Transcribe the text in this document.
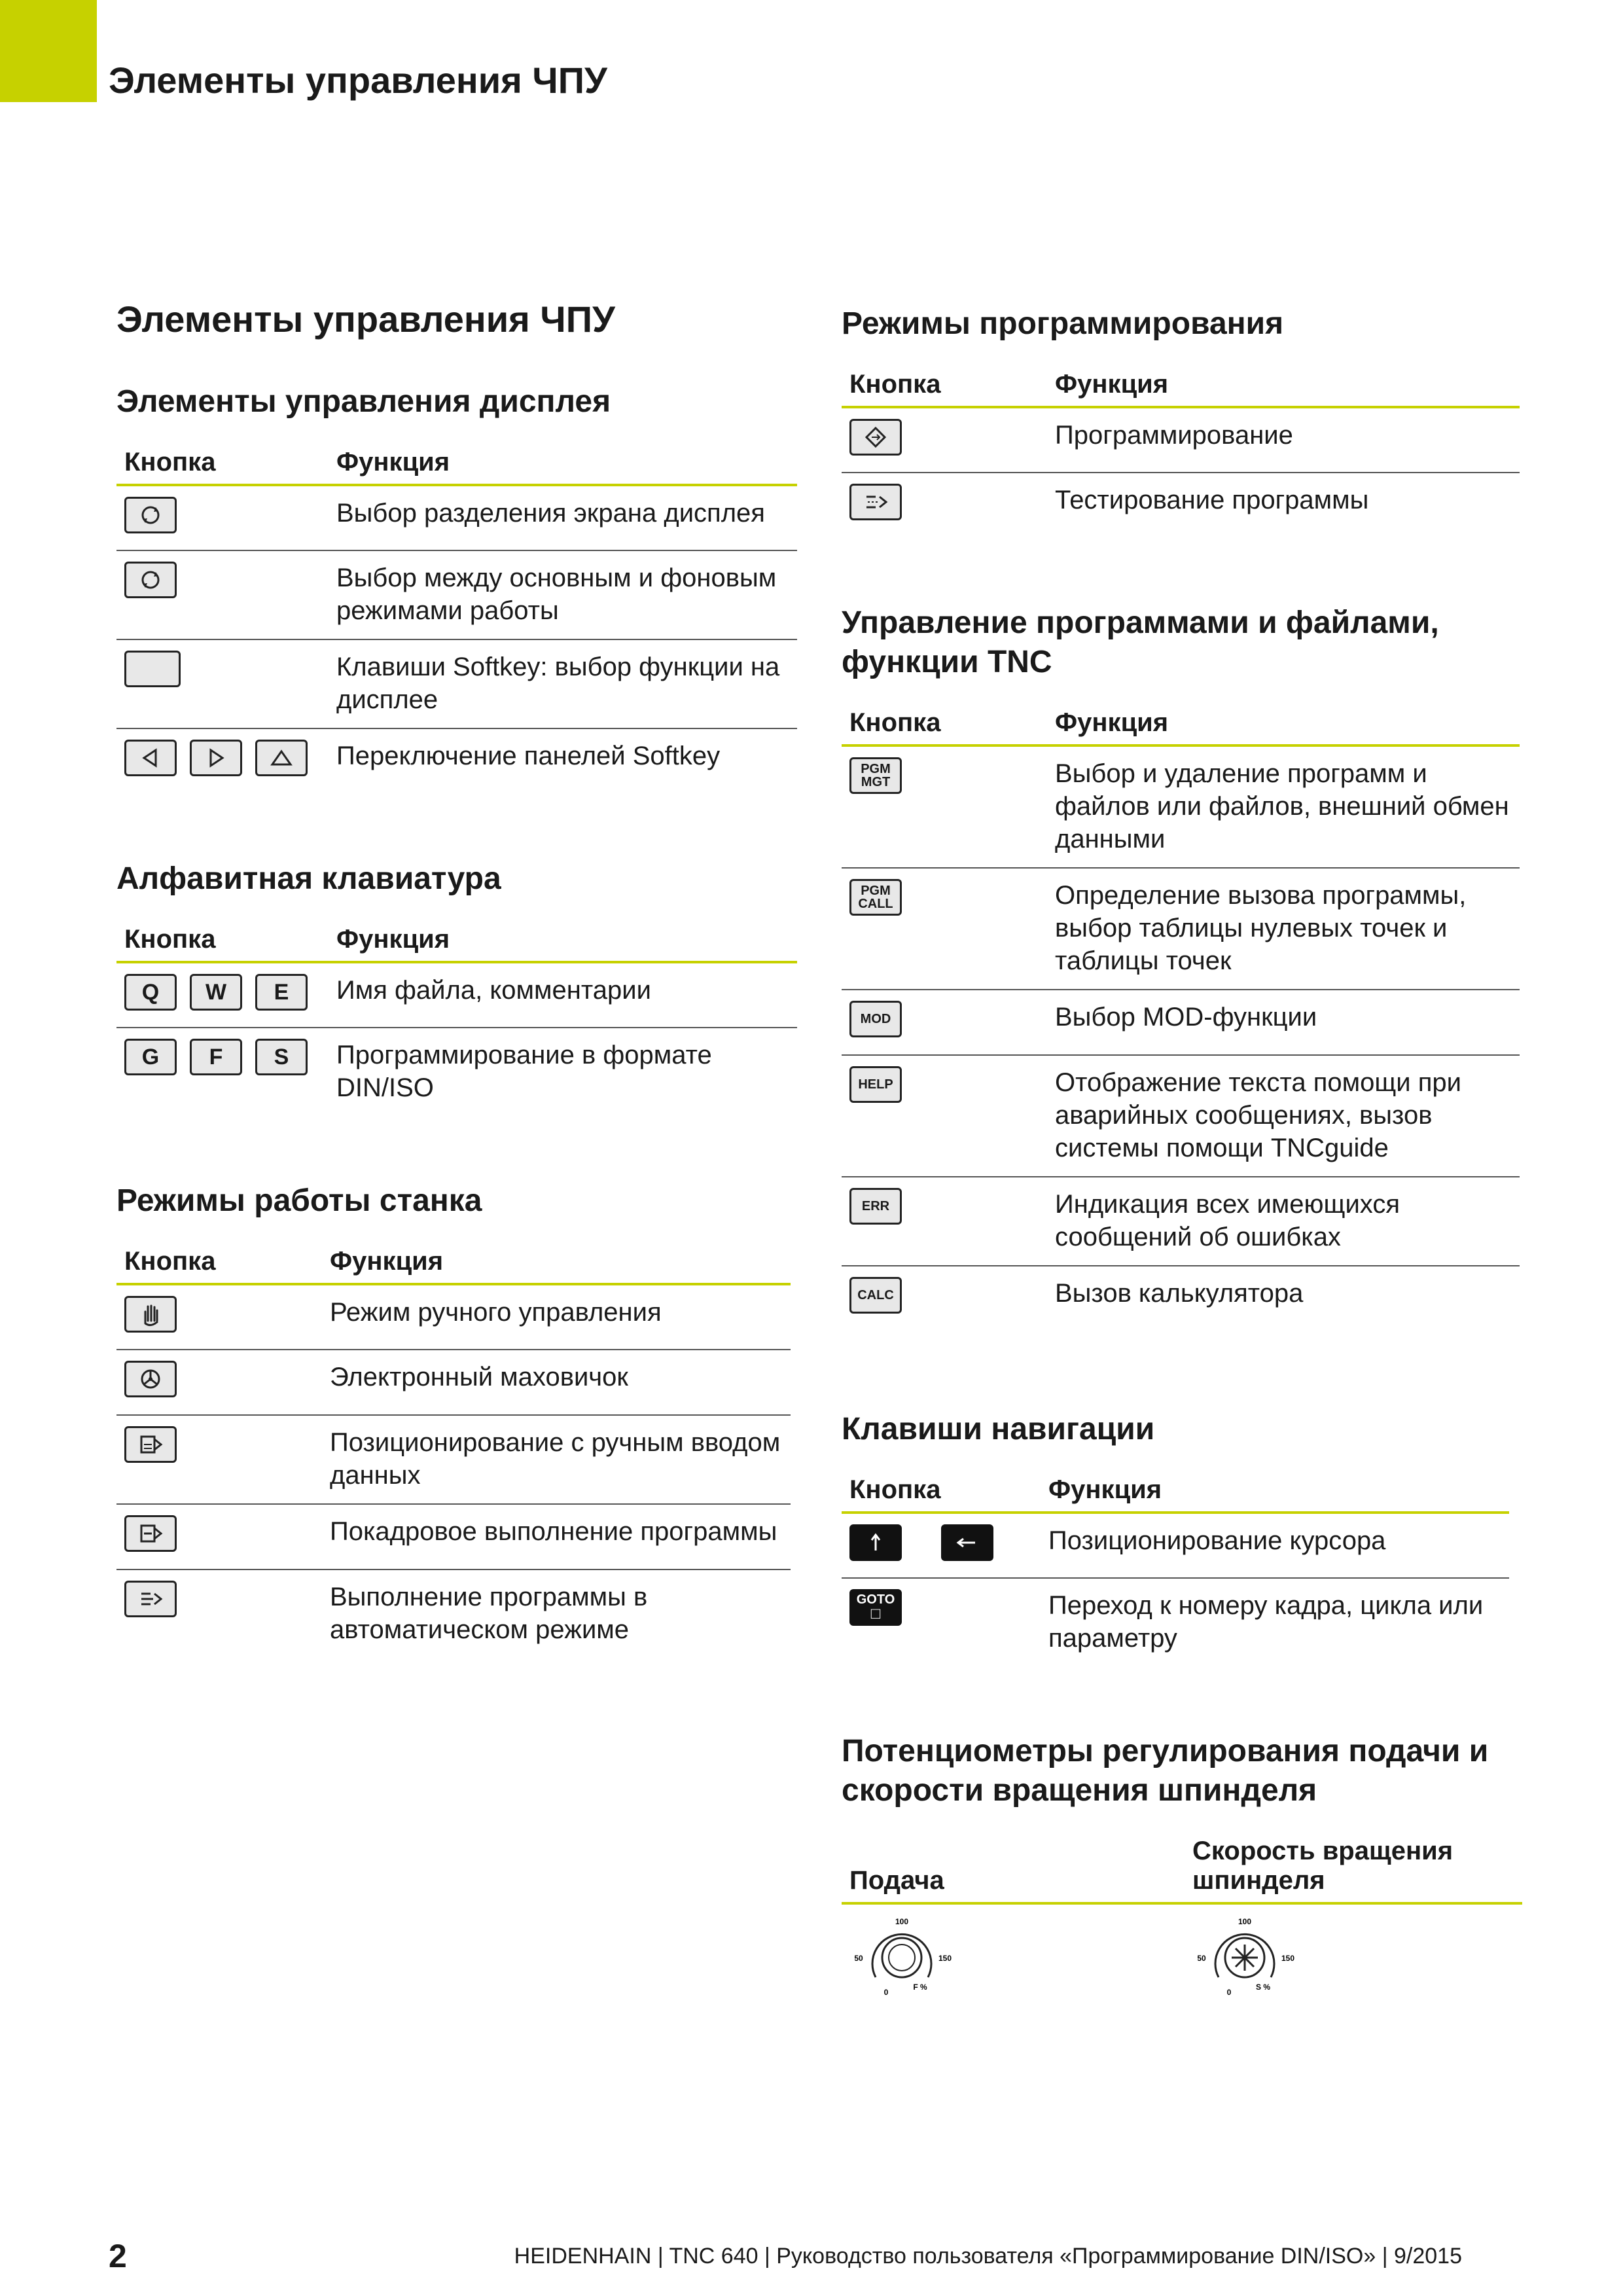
Элементы управления ЧПУ
Элементы управления ЧПУ
Элементы управления дисплея
Кнопка	Функция

	Выбор разделения экрана дисплея

	Выбор между основным и фоновым режимами работы
	Клавиши Softkey: выбор функции на дисплее

	Переключение панелей Softkey
Алфавитная клавиатура
Кнопка	Функция
Q W E	Имя файла, комментарии
G F S	Программирование в формате DIN/ISO
Режимы работы станка
Кнопка	Функция

	Режим ручного управления

	Электронный маховичок

	Позиционирование с ручным вводом данных

	Покадровое выполнение программы

	Выполнение программы в автоматическом режиме
Режимы программирования
Кнопка	Функция

	Программирование

	Тестирование программы
Управление программами и файлами, функции TNC
Кнопка	Функция

PGM
MGT	Выбор и удаление программ и файлов или файлов, внешний обмен данными

PGM
CALL	Определение вызова программы, выбор таблицы нулевых точек и таблицы точек

MOD	Выбор MOD-функции

HELP	Отображение текста помощи при аварийных сообщениях, вызов системы помощи TNCguide

ERR	Индикация всех имеющихся сообщений об ошибках

CALC	Вызов калькулятора
Клавиши навигации
Кнопка	Функция

	Позиционирование курсора

GOTO
□	Переход к номеру кадра, цикла или параметру
Потенциометры регулирования подачи и скорости вращения шпинделя
Подача	Скорость вращения шпинделя

100
50 150
0
F %	100
50 150
0
S %
2	HEIDENHAIN | TNC 640 | Руководство пользователя «Программирование DIN/ISO» | 9/2015
